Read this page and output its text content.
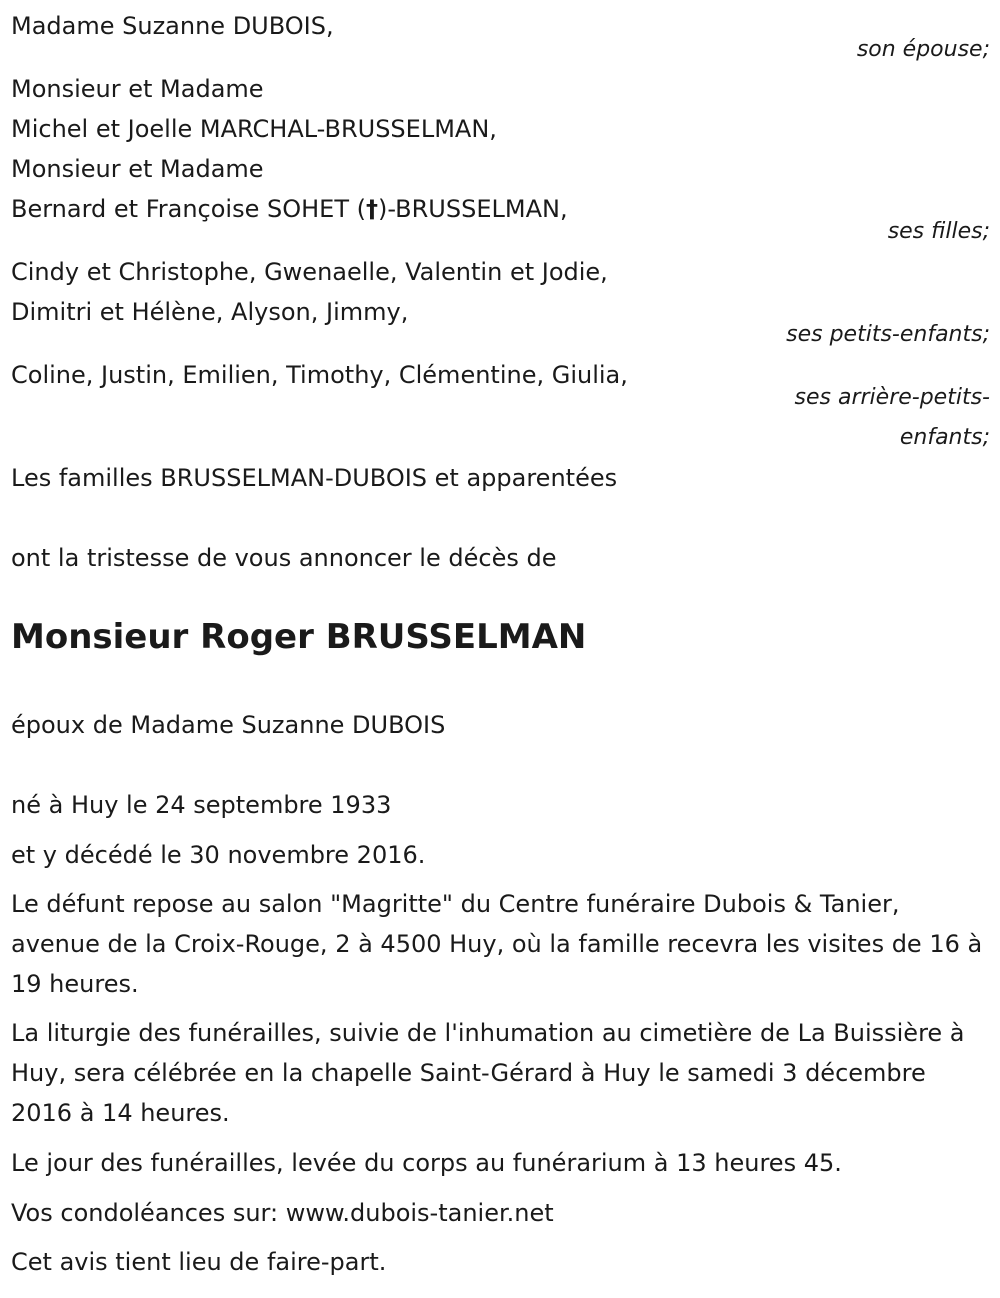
Madame Suzanne DUBOIS,
son épouse;
Monsieur et Madame
Michel et Joelle MARCHAL-BRUSSELMAN,
Monsieur et Madame
Bernard et Françoise SOHET (†)-BRUSSELMAN,
ses filles;
Cindy et Christophe, Gwenaelle, Valentin et Jodie,
Dimitri et Hélène, Alyson, Jimmy,
ses petits-enfants;
Coline, Justin, Emilien, Timothy, Clémentine, Giulia,
ses arrière-petits-
enfants;
Les familles BRUSSELMAN-DUBOIS et apparentées
ont la tristesse de vous annoncer le décès de
Monsieur Roger BRUSSELMAN
époux de Madame Suzanne DUBOIS
né à Huy le 24 septembre 1933
et y décédé le 30 novembre 2016.
Le défunt repose au salon "Magritte" du Centre funéraire Dubois & Tanier, avenue de la Croix-Rouge, 2 à 4500 Huy, où la famille recevra les visites de 16 à 19 heures.
La liturgie des funérailles, suivie de l'inhumation au cimetière de La Buissière à Huy, sera célébrée en la chapelle Saint-Gérard à Huy le samedi 3 décembre 2016 à 14 heures.
Le jour des funérailles, levée du corps au funérarium à 13 heures 45.
Vos condoléances sur: www.dubois-tanier.net
Cet avis tient lieu de faire-part.
